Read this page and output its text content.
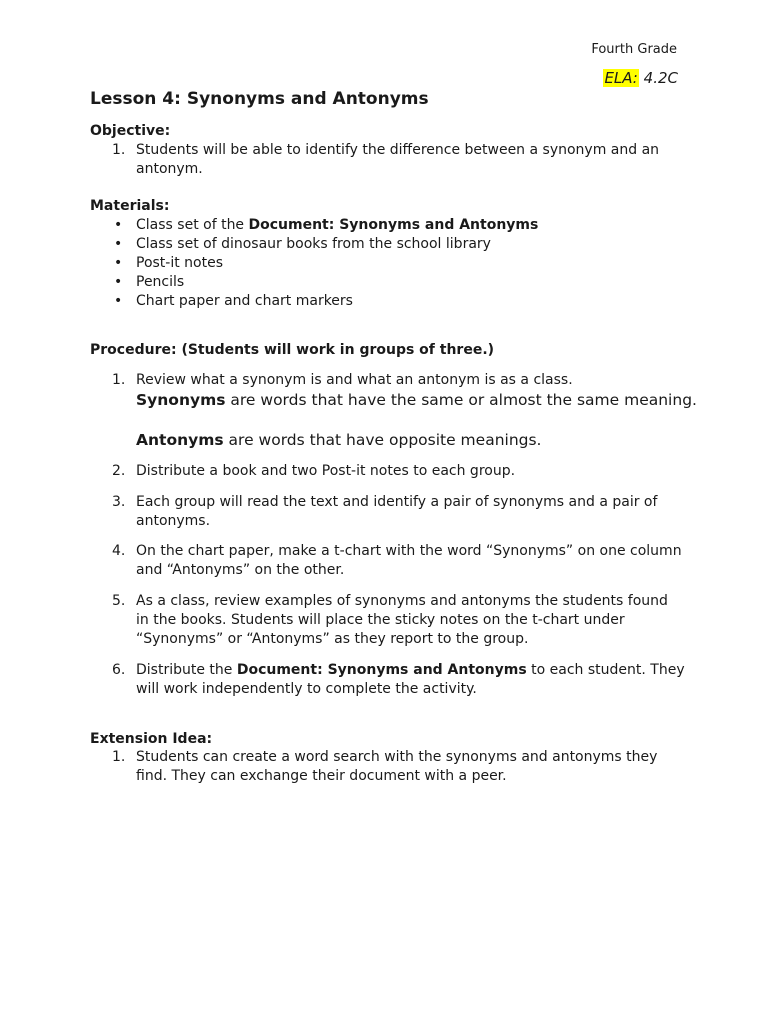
Fourth Grade
ELA: 4.2C
Lesson 4: Synonyms and Antonyms
Objective:
1. Students will be able to identify the difference between a synonym and an
antonym.
Materials:
• Class set of the Document: Synonyms and Antonyms
• Class set of dinosaur books from the school library
• Post-it notes
• Pencils
• Chart paper and chart markers
Procedure: (Students will work in groups of three.)
1. Review what a synonym is and what an antonym is as a class.
Synonyms are words that have the same or almost the same meaning.
Antonyms are words that have opposite meanings.
2. Distribute a book and two Post-it notes to each group.
3. Each group will read the text and identify a pair of synonyms and a pair of
antonyms.
4. On the chart paper, make a t-chart with the word “Synonyms” on one column
and “Antonyms” on the other.
5. As a class, review examples of synonyms and antonyms the students found
in the books. Students will place the sticky notes on the t-chart under
“Synonyms” or “Antonyms” as they report to the group.
6. Distribute the Document: Synonyms and Antonyms to each student. They
will work independently to complete the activity.
Extension Idea:
1. Students can create a word search with the synonyms and antonyms they
find. They can exchange their document with a peer.
